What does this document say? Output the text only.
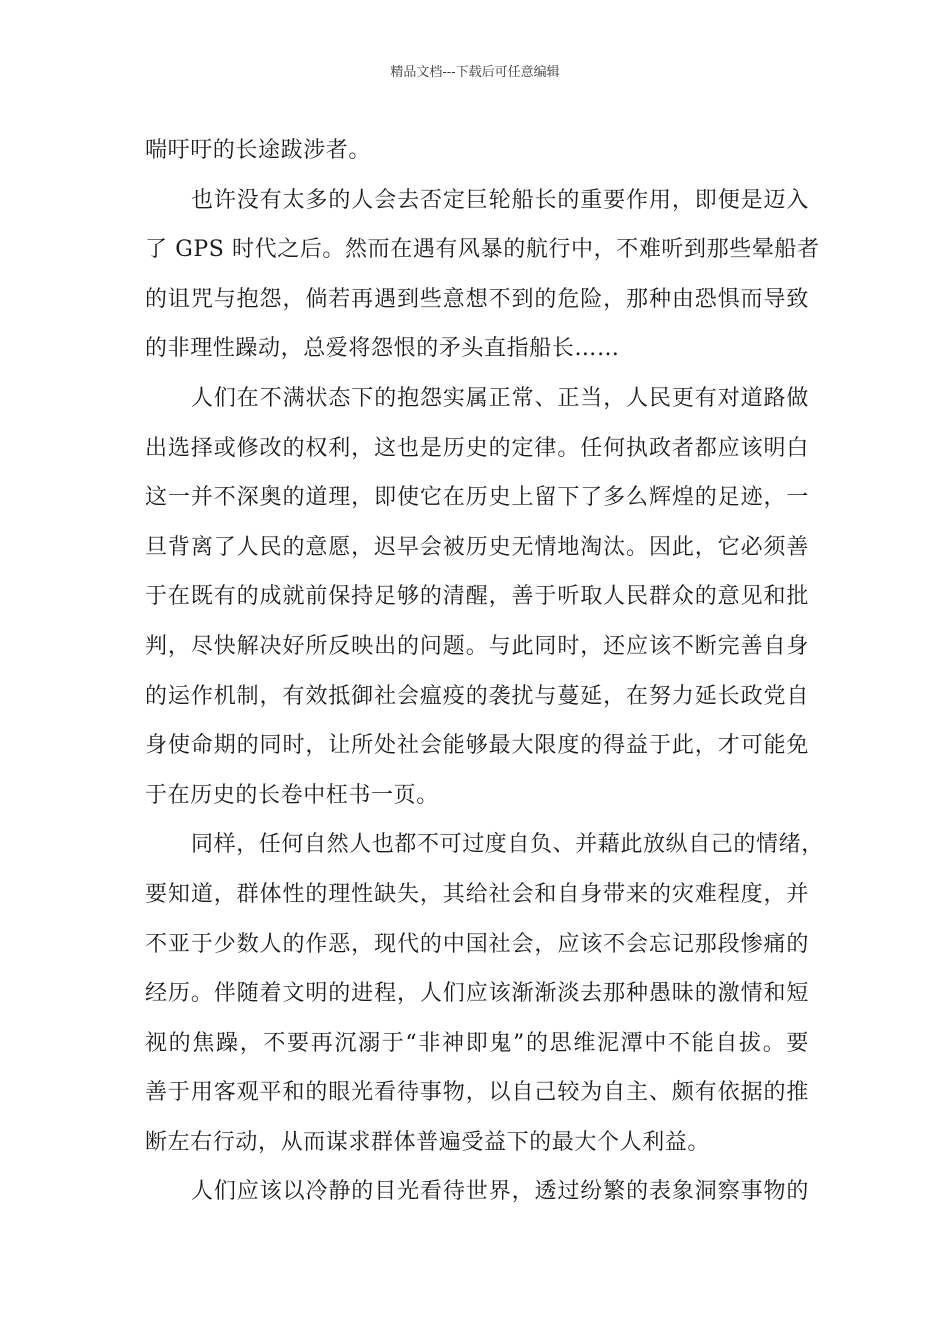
精品文档---下载后可任意编辑
喘吁吁的长途跋涉者。
也许没有太多的人会去否定巨轮船长的重要作用，即便是迈入
了 GPS 时代之后。然而在遇有风暴的航行中，不难听到那些晕船者
的诅咒与抱怨，倘若再遇到些意想不到的危险，那种由恐惧而导致
的非理性躁动，总爱将怨恨的矛头直指船长……
人们在不满状态下的抱怨实属正常、正当，人民更有对道路做
出选择或修改的权利，这也是历史的定律。任何执政者都应该明白
这一并不深奥的道理，即使它在历史上留下了多么辉煌的足迹，一
旦背离了人民的意愿，迟早会被历史无情地淘汰。因此，它必须善
于在既有的成就前保持足够的清醒，善于听取人民群众的意见和批
判，尽快解决好所反映出的问题。与此同时，还应该不断完善自身
的运作机制，有效抵御社会瘟疫的袭扰与蔓延，在努力延长政党自
身使命期的同时，让所处社会能够最大限度的得益于此，才可能免
于在历史的长卷中枉书一页。
同样，任何自然人也都不可过度自负、并藉此放纵自己的情绪，
要知道，群体性的理性缺失，其给社会和自身带来的灾难程度，并
不亚于少数人的作恶，现代的中国社会，应该不会忘记那段惨痛的
经历。伴随着文明的进程，人们应该渐渐淡去那种愚昧的激情和短
视的焦躁，不要再沉溺于“非神即鬼”的思维泥潭中不能自拔。要
善于用客观平和的眼光看待事物，以自己较为自主、颇有依据的推
断左右行动，从而谋求群体普遍受益下的最大个人利益。
人们应该以冷静的目光看待世界，透过纷繁的表象洞察事物的
